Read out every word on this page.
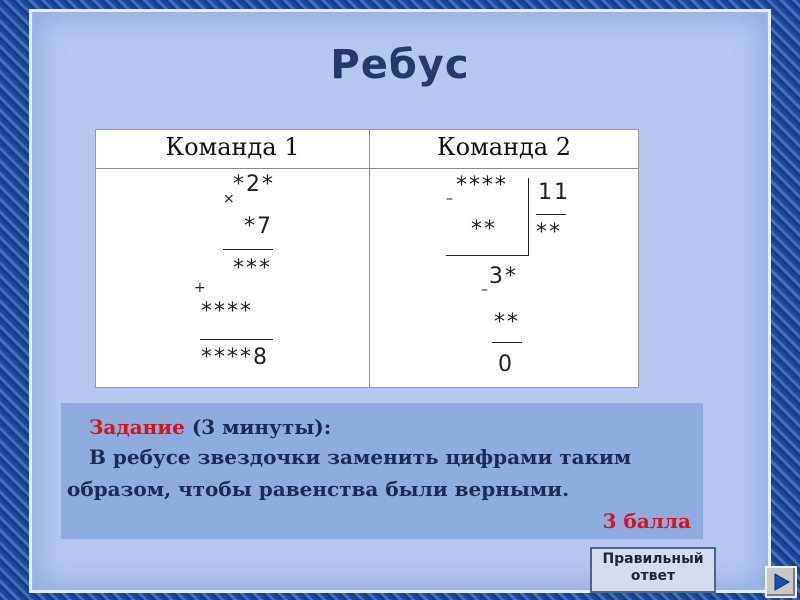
Ребус
Команда 1	Команда 2
×
*2*
*7
***
+
****
****8
–
**** 11
**
**
–
3*
**
0
Задание (3 минуты):
В ребусе звездочки заменить цифрами таким
образом, чтобы равенства были верными.
3 балла
Правильный ответ
